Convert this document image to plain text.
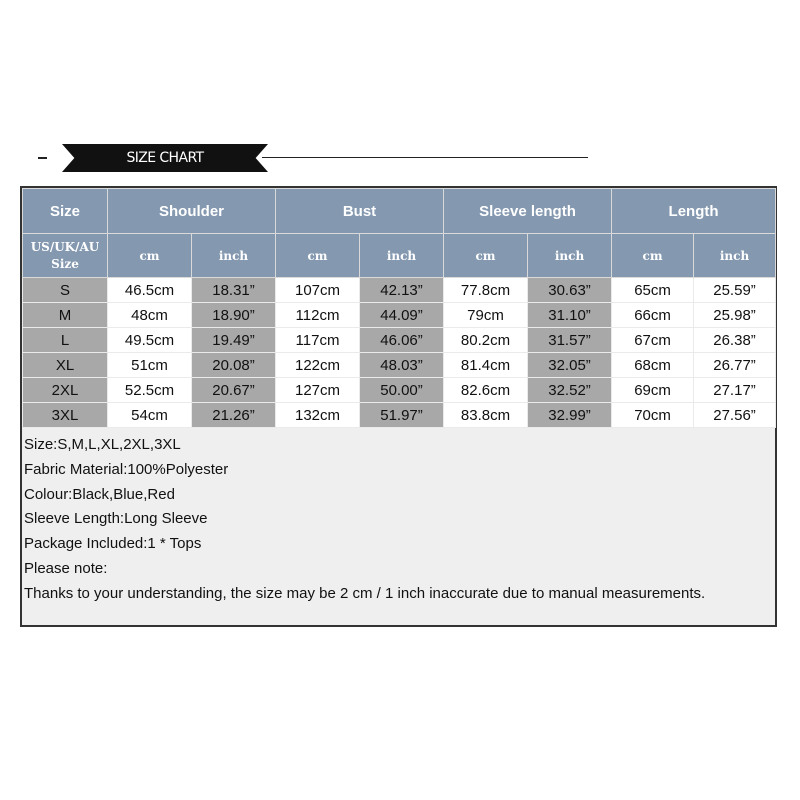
SIZE CHART
Size	Shoulder		Bust		Sleeve length		Length	
US/UK/AU
Size	cm	inch	cm	inch	cm	inch	cm	inch
S	46.5cm	18.31”	107cm	42.13”	77.8cm	30.63”	65cm	25.59”
M	48cm	18.90”	112cm	44.09”	79cm	31.10”	66cm	25.98”
L	49.5cm	19.49”	117cm	46.06”	80.2cm	31.57”	67cm	26.38”
XL	51cm	20.08”	122cm	48.03”	81.4cm	32.05”	68cm	26.77”
2XL	52.5cm	20.67”	127cm	50.00”	82.6cm	32.52”	69cm	27.17”
3XL	54cm	21.26”	132cm	51.97”	83.8cm	32.99”	70cm	27.56”
Size:S,M,L,XL,2XL,3XL
Fabric Material:100%Polyester
Colour:Black,Blue,Red
Sleeve Length:Long Sleeve
Package Included:1 * Tops
Please note:
Thanks to your understanding, the size may be 2 cm / 1 inch inaccurate due to manual measurements.
